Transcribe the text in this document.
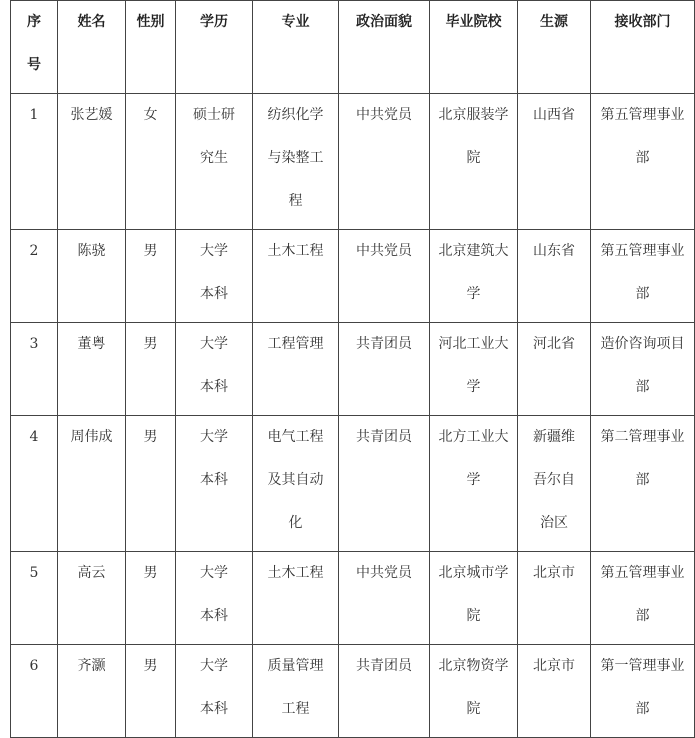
序号	姓名	性别	学历	专业	政治面貌	毕业院校	生源	接收部门
1	张艺媛	女	硕士研究生	纺织化学与染整工程	中共党员	北京服装学院	山西省	第五管理事业部
2	陈骁	男	大学本科	土木工程	中共党员	北京建筑大学	山东省	第五管理事业部
3	董粤	男	大学本科	工程管理	共青团员	河北工业大学	河北省	造价咨询项目部
4	周伟成	男	大学本科	电气工程及其自动化	共青团员	北方工业大学	新疆维吾尔自治区	第二管理事业部
5	高云	男	大学本科	土木工程	中共党员	北京城市学院	北京市	第五管理事业部
6	齐灏	男	大学本科	质量管理工程	共青团员	北京物资学院	北京市	第一管理事业部
